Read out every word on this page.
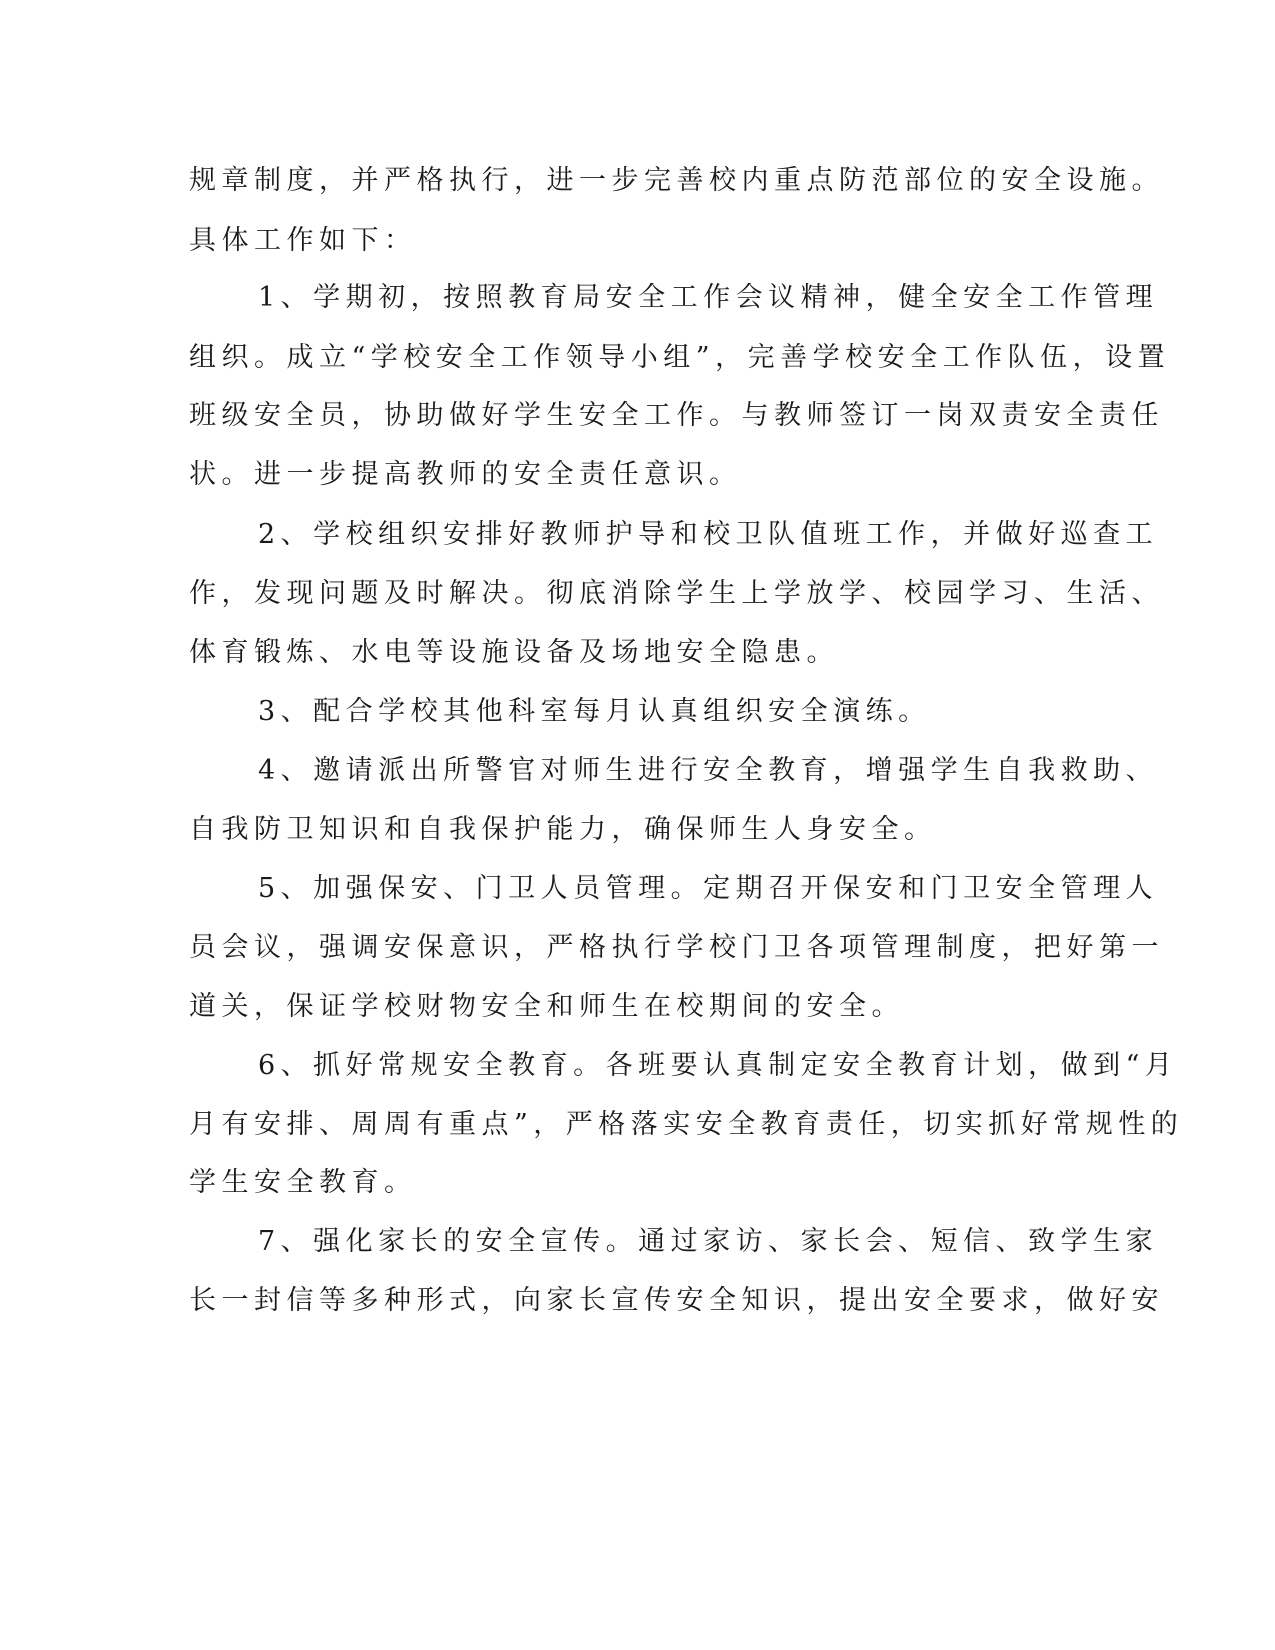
规章制度，并严格执行，进一步完善校内重点防范部位的安全设施。
具体工作如下：
1、学期初，按照教育局安全工作会议精神，健全安全工作管理
组织。成立“学校安全工作领导小组”，完善学校安全工作队伍，设置
班级安全员，协助做好学生安全工作。与教师签订一岗双责安全责任
状。进一步提高教师的安全责任意识。
2、学校组织安排好教师护导和校卫队值班工作，并做好巡查工
作，发现问题及时解决。彻底消除学生上学放学、校园学习、生活、
体育锻炼、水电等设施设备及场地安全隐患。
3、配合学校其他科室每月认真组织安全演练。
4、邀请派出所警官对师生进行安全教育，增强学生自我救助、
自我防卫知识和自我保护能力，确保师生人身安全。
5、加强保安、门卫人员管理。定期召开保安和门卫安全管理人
员会议，强调安保意识，严格执行学校门卫各项管理制度，把好第一
道关，保证学校财物安全和师生在校期间的安全。
6、抓好常规安全教育。各班要认真制定安全教育计划，做到“月
月有安排、周周有重点”，严格落实安全教育责任，切实抓好常规性的
学生安全教育。
7、强化家长的安全宣传。通过家访、家长会、短信、致学生家
长一封信等多种形式，向家长宣传安全知识，提出安全要求，做好安
